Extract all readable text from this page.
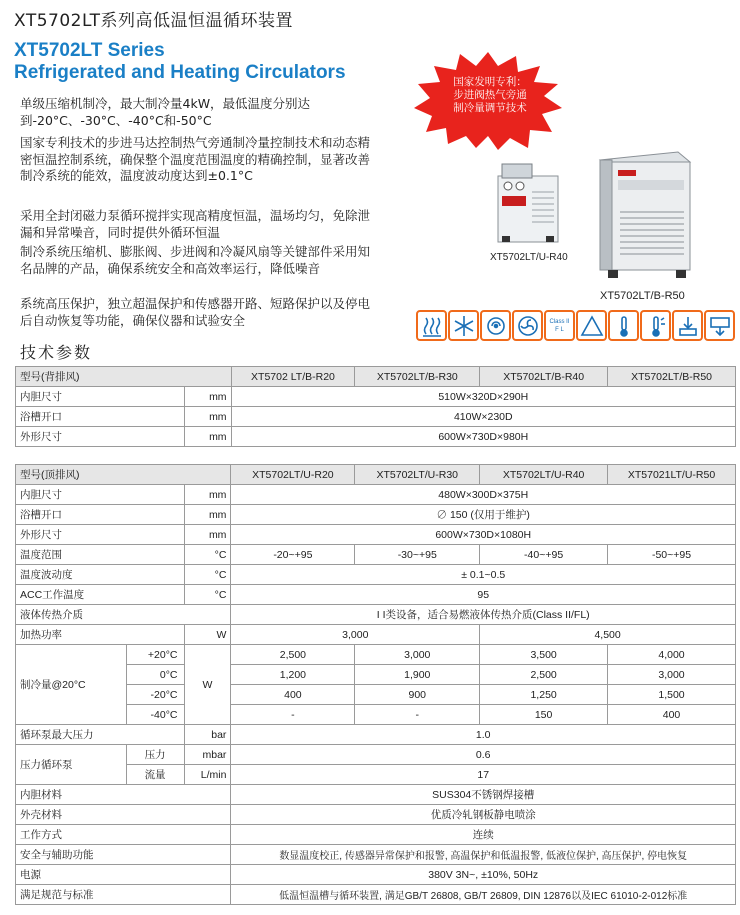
XT5702LT系列高低温恒温循环装置
XT5702LT Series
Refrigerated and Heating Circulators
单级压缩机制冷，最大制冷量4kW，最低温度分别达到-20°C、-30°C、-40°C和-50°C
国家专利技术的步进马达控制热气旁通制冷量控制技术和动态精密恒温控制系统，确保整个温度范围温度的精确控制，显著改善制冷系统的能效，温度波动度达到±0.1°C
采用全封闭磁力泵循环搅拌实现高精度恒温，温场均匀，免除泄漏和异常噪音，同时提供外循环恒温
制冷系统压缩机、膨胀阀、步进阀和冷凝风扇等关键部件采用知名品牌的产品，确保系统安全和高效率运行，降低噪音
系统高压保护，独立超温保护和传感器开路、短路保护以及停电后自动恢复等功能，确保仪器和试验安全
国家发明专利：
步进阀热气旁通
制冷量调节技术
XT5702LT/U-R40
XT5702LT/B-R50
Class II
F L
技术参数
型号(背排风)		XT5702 LT/B-R20	XT5702LT/B-R30	XT5702LT/B-R40	XT5702LT/B-R50
内胆尺寸	mm	510W×320D×290H			
浴槽开口	mm	410W×230D			
外形尺寸	mm	600W×730D×980H			
型号(顶排风)			XT5702LT/U-R20	XT5702LT/U-R30	XT5702LT/U-R40	XT57021LT/U-R50
内胆尺寸		mm	480W×300D×375H			
浴槽开口		mm	∅ 150 (仅用于维护)			
外形尺寸		mm	600W×730D×1080H			
温度范围		°C	-20~+95	-30~+95	-40~+95	-50~+95
温度波动度		°C	± 0.1~0.5			
ACC工作温度		°C	95			
液体传热介质			I I类设备，适合易燃液体传热介质(Class II/FL)			
加热功率		W	3,000		4,500	
制冷量@20°C	+20°C	W	2,500	3,000	3,500	4,000
	0°C		1,200	1,900	2,500	3,000
	-20°C		400	900	1,250	1,500
	-40°C		-	-	150	400
循环泵最大压力		bar	1.0			
压力循环泵	压力	mbar	0.6			
	流量	L/min	17			
内胆材料			SUS304不锈钢焊接槽			
外壳材料			优质冷轧钢板静电喷涂			
工作方式			连续			
安全与辅助功能			数显温度校正, 传感器异常保护和报警, 高温保护和低温报警, 低液位保护, 高压保护, 停电恢复			
电源			380V 3N~, ±10%, 50Hz			
满足规范与标准			低温恒温槽与循环装置, 满足GB/T 26808, GB/T 26809, DIN 12876以及IEC 61010-2-012标准			
